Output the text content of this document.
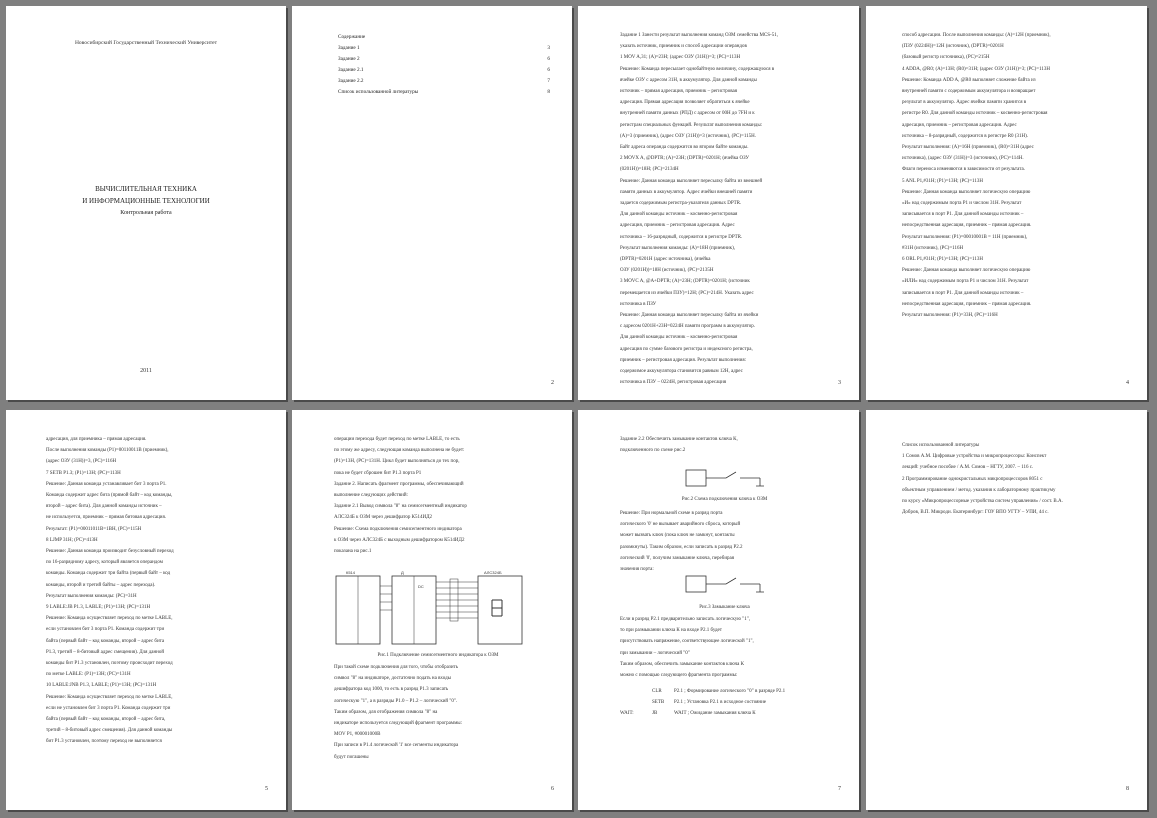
Новосибирский Государственный Технический Университет
ВЫЧИСЛИТЕЛЬНАЯ ТЕХНИКА
И ИНФОРМАЦИОННЫЕ ТЕХНОЛОГИИ
Контрольная работа
2011
Содержание
Задание 1	3
Задание 2	6
Задание 2.1	6
Задание 2.2	7
Список использованной литературы	8
2
Задание 1 Занести результат выполнения команд ОЗМ семейства MCS-51,
указать источник, приемник и способ адресации операндов
1 MOV A,31; (A)=23H; (адрес ОЗУ (31H))=3; (PC)=113H
Решение: Команда пересылает однобайтную величину, содержащуюся в
ячейке ОЗУ с адресом 31H, в аккумулятор. Для данной команды
источник – прямая адресация, приемник – регистровая
адресация. Прямая адресация позволяет обратиться к ячейке
внутренней памяти данных (РПД) с адресом от 00H до 7FH и к
регистрам специальных функций. Результат выполнения команды:
(A)=3 (приемник), (адрес ОЗУ (31H))=3 (источник), (PC)=115H.
Байт адреса операнда содержится во втором байте команды.
2 MOVX A, @DPTR; (A)=23H; (DPTR)=0201H; (ячейка ОЗУ
(0201H))=18H; (PC)=2134H
Решение: Данная команда выполняет пересылку байта из внешней
памяти данных в аккумулятор. Адрес ячейки внешней памяти
задается содержимым регистра-указателя данных DPTR.
Для данной команды источник – косвенно-регистровая
адресация, приемник – регистровая адресация. Адрес
источника – 16-разрядный, содержится в регистре DPTR.
Результат выполнения команды: (A)=18H (приемник),
(DPTR)=0201H (адрес источника), (ячейка
ОЗУ (0201H))=18H (источник), (PC)=2135H
3 MOVC A, @A+DPTR; (A)=23H; (DPTR)=0201H; (источник
перемещается из ячейки ПЗУ)=12H; (PC)=214H. Указать адрес
источника в ПЗУ
Решение: Данная команда выполняет пересылку байта из ячейки
с адресом 0201H+23H=0224H памяти программ в аккумулятор.
Для данной команды источник – косвенно-регистровая
адресация по сумме базового регистра и индексного регистра,
приемник – регистровая адресация. Результат выполнения:
содержимое аккумулятора становится равным 12H, адрес
источника в ПЗУ – 0224H, регистровая адресация	3
способ адресации. После выполнения команды: (A)=12H (приемник),
(ПЗУ (0224H))=12H (источник), (DPTR)=0201H
(базовый регистр источника), (PC)=215H
4 ADDA, @R0; (A)=13H; (R0)=31H; (адрес ОЗУ (31H))=3; (PC)=113H
Решение: Команда ADD A, @R0 выполняет сложение байта из
внутренней памяти с содержимым аккумулятора и возвращает
результат в аккумулятор. Адрес ячейки памяти хранится в
регистре R0. Для данной команды источник – косвенно-регистровая
адресация, приемник – регистровая адресация. Адрес
источника – 8-разрядный, содержится в регистре R0 (31H).
Результат выполнения: (A)=16H (приемник), (R0)=31H (адрес
источника), (адрес ОЗУ (31H))=3 (источник), (PC)=114H.
Флаги переноса изменяются в зависимости от результата.
5 ANL P1,#31H; (P1)=13H; (PC)=113H
Решение: Данная команда выполняет логическую операцию
«И» над содержимым порта P1 и числом 31H. Результат
записывается в порт P1. Для данной команды источник –
непосредственная адресация, приемник – прямая адресация.
Результат выполнения: (P1)=00010001B = 11H (приемник),
#31H (источник), (PC)=116H
6 ORL P1,#31H; (P1)=13H; (PC)=113H
Решение: Данная команда выполняет логическую операцию
«ИЛИ» над содержимым порта P1 и числом 31H. Результат
записывается в порт P1. Для данной команды источник –
непосредственная адресация, приемник – прямая адресация.
Результат выполнения: (P1)=33H, (PC)=116H
4
адресация, для приемника – прямая адресация.
После выполнения команды (P1)=00110011B (приемник),
(адрес ОЗУ (31H))=3, (PC)=116H
7 SETB P1.3; (P1)=13H; (PC)=113H
Решение: Данная команда устанавливает бит 3 порта P1.
Команда содержит адрес бита (прямой байт – код команды,
второй – адрес бита). Для данной команды источник –
не используется, приемник – прямая битовая адресация.
Результат: (P1)=00011011B=1BH, (PC)=115H
8 LJMP 31H; (PC)=413H
Решение: Данная команда производит безусловный переход
по 16-разрядному адресу, который является операндом
команды. Команда содержит три байта (первый байт – код
команды, второй и третий байты – адрес перехода).
Результат выполнения команды: (PC)=31H
9 LABLE:JB P1.3, LABLE; (P1)=13H; (PC)=131H
Решение: Команда осуществляет переход по метке LABLE,
если установлен бит 3 порта P1. Команда содержит три
байта (первый байт – код команды, второй – адрес бита
P1.3, третий – 8-битовый адрес смещения). Для данной
команды бит P1.3 установлен, поэтому происходит переход
по метке LABLE: (P1)=13H; (PC)=131H
10 LABLE:JNB P1.3, LABLE; (P1)=13H; (PC)=131H
Решение: Команда осуществляет переход по метке LABLE,
если не установлен бит 3 порта P1. Команда содержит три
байта (первый байт – код команды, второй – адрес бита,
третий – 8-битовый адрес смещения). Для данной команды
бит P1.3 установлен, поэтому переход не выполняется
5
операции перехода будет переход по метке LABLE, то есть
по этому же адресу, следующая команда выполнена не будет:
(P1)=13H, (PC)=131H. Цикл будет выполняться до тех пор,
пока не будет сброшен бит P1.3 порта P1
Задание 2. Написать фрагмент программы, обеспечивающий
выполнение следующих действий:
Задание 2.1 Вывод символа "8" на семисегментный индикатор
АЛС324Б к ОЗМ через дешифратор К514ИД2
Решение: Схема подключения семисегментного индикатора
к ОЗМ через АЛС324Б с выходным дешифратором К514ИД2
показана на рис.1
К514	Д
DC
АЛС324Б
Рис.1 Подключение семисегментного индикатора к ОЗМ
При такой схеме подключения для того, чтобы отобразить
символ "8" на индикаторе, достаточно подать на входы
дешифратора код 1000, то есть в разряд P1.3 записать
логическую "1", а в разряды P1.0 – P1.2 – логический "0".
Таким образом, для отображения символа "8" на
индикаторе используется следующий фрагмент программы:
MOV P1, #00001000B
При записи в P1.4 логической '1' все сегменты индикатора
будут погашены
6
Задание 2.2 Обеспечить замыкание контактов ключа К,
подключенного по схеме рис.2
Рис.2 Схема подключения ключа к ОЗМ
Решение: При нормальной схеме в разряд порта
логического '0' не вызывает аварийного сброса, который
может вызвать ключ (пока ключ не замкнут, контакты
разомкнуты). Таким образом, если записать в разряд P2.2
логический '0', получим замыкание ключа, перебирая
значения порта:
Рис.3 Замыкание ключа
Если в разряд P2.1 предварительно записать логическую "1",
то при размыкании ключа К на входе P2.1 будет
присутствовать напряжение, соответствующее логической "1",
при замыкании – логический "0"
Таким образом, обеспечить замыкание контактов ключа К
можно с помощью следующего фрагмента программы:
CLR	P2.1 ; Формирование логического "0" в разряде P2.1
SETB	P2.1 ; Установка P2.1 в исходное состояние
WAIT:	JB	WAIT ; Ожидание замыкания ключа К
7
Список использованной литературы
1 Сомов А.М. Цифровые устройства и микропроцессоры: Конспект
лекций: учебное пособие / А.М. Сомов – НГТУ, 2007. – 116 с.
2 Программирование однокристальных микропроцессоров 8051 с
объектным управлением / метод. указания к лабораторному практикуму
по курсу «Микропроцессорные устройства систем управления» / сост. В.А.
Добров, В.П. Микроди. Екатеринбург: ГОУ ВПО УГТУ – УПИ, 44 с.
8
